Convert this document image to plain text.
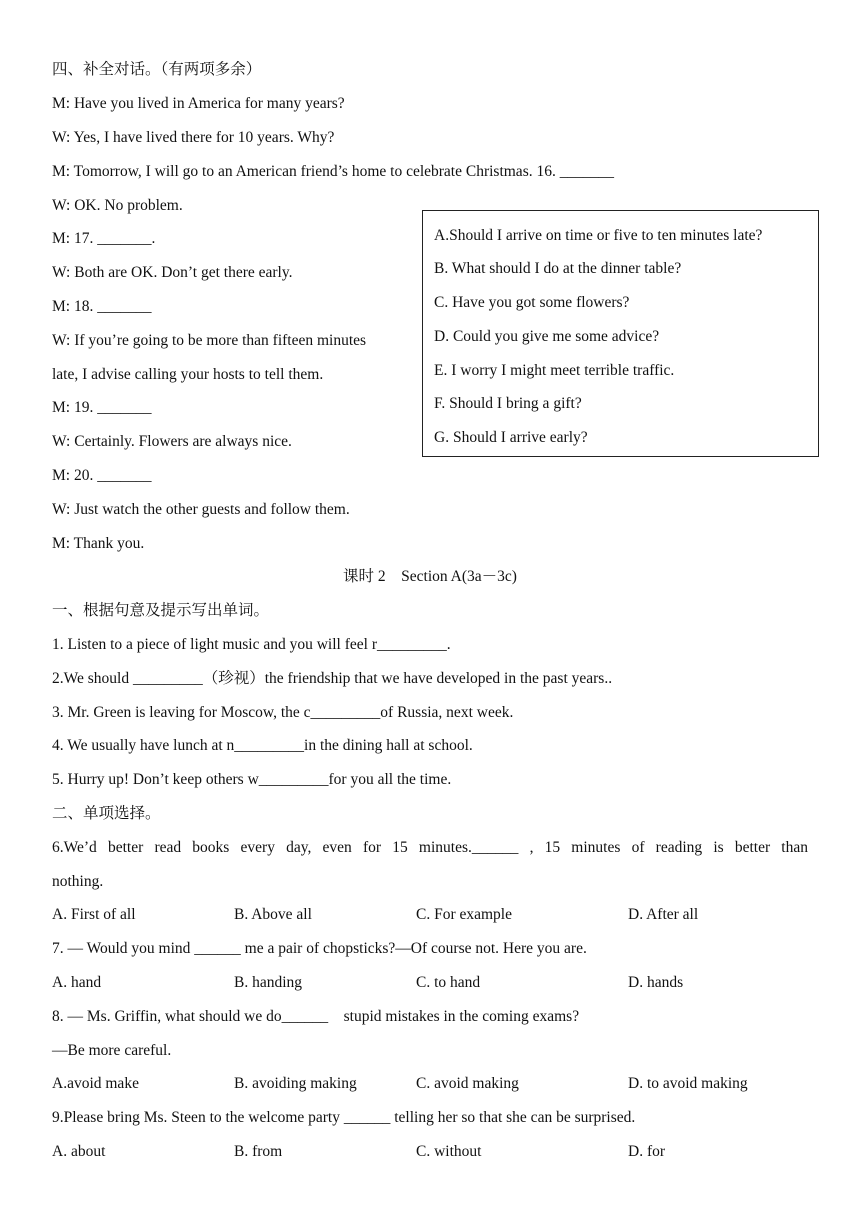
四、补全对话。（有两项多余）
M: Have you lived in America for many years?
W: Yes, I have lived there for 10 years. Why?
M: Tomorrow, I will go to an American friend’s home to celebrate Christmas. 16. _______
W: OK. No problem.
M: 17. _______.
W: Both are OK. Don’t get there early.
M: 18. _______
W: If you’re going to be more than fifteen minutes
late, I advise calling your hosts to tell them.
M: 19. _______
W: Certainly. Flowers are always nice.
M: 20. _______
W: Just watch the other guests and follow them.
M: Thank you.
课时 2　Section A(3a－3c)
一、根据句意及提示写出单词。
1. Listen to a piece of light music and you will feel r_________.
2.We should _________（珍视）the friendship that we have developed in the past years..
3. Mr. Green is leaving for Moscow, the c_________of Russia, next week.
4. We usually have lunch at n_________in the dining hall at school.
5. Hurry up! Don’t keep others w_________for you all the time.
二、单项选择。
6.We’d better read books every day, even for 15 minutes.______ , 15 minutes of reading is better than
nothing.
A. First of all	B. Above all	C. For example	D. After all
7. — Would you mind ______ me a pair of chopsticks?—Of course not. Here you are.
A. hand	B. handing	C. to hand	D. hands
8. — Ms. Griffin, what should we do______　stupid mistakes in the coming exams?
—Be more careful.
A.avoid make	B. avoiding making	C. avoid making	D. to avoid making
9.Please bring Ms. Steen to the welcome party ______ telling her so that she can be surprised.
A. about	B. from	C. without	D. for
A.Should I arrive on time or five to ten minutes late?
B. What should I do at the dinner table?
C. Have you got some flowers?
D. Could you give me some advice?
E. I worry I might meet terrible traffic.
F. Should I bring a gift?
G. Should I arrive early?
